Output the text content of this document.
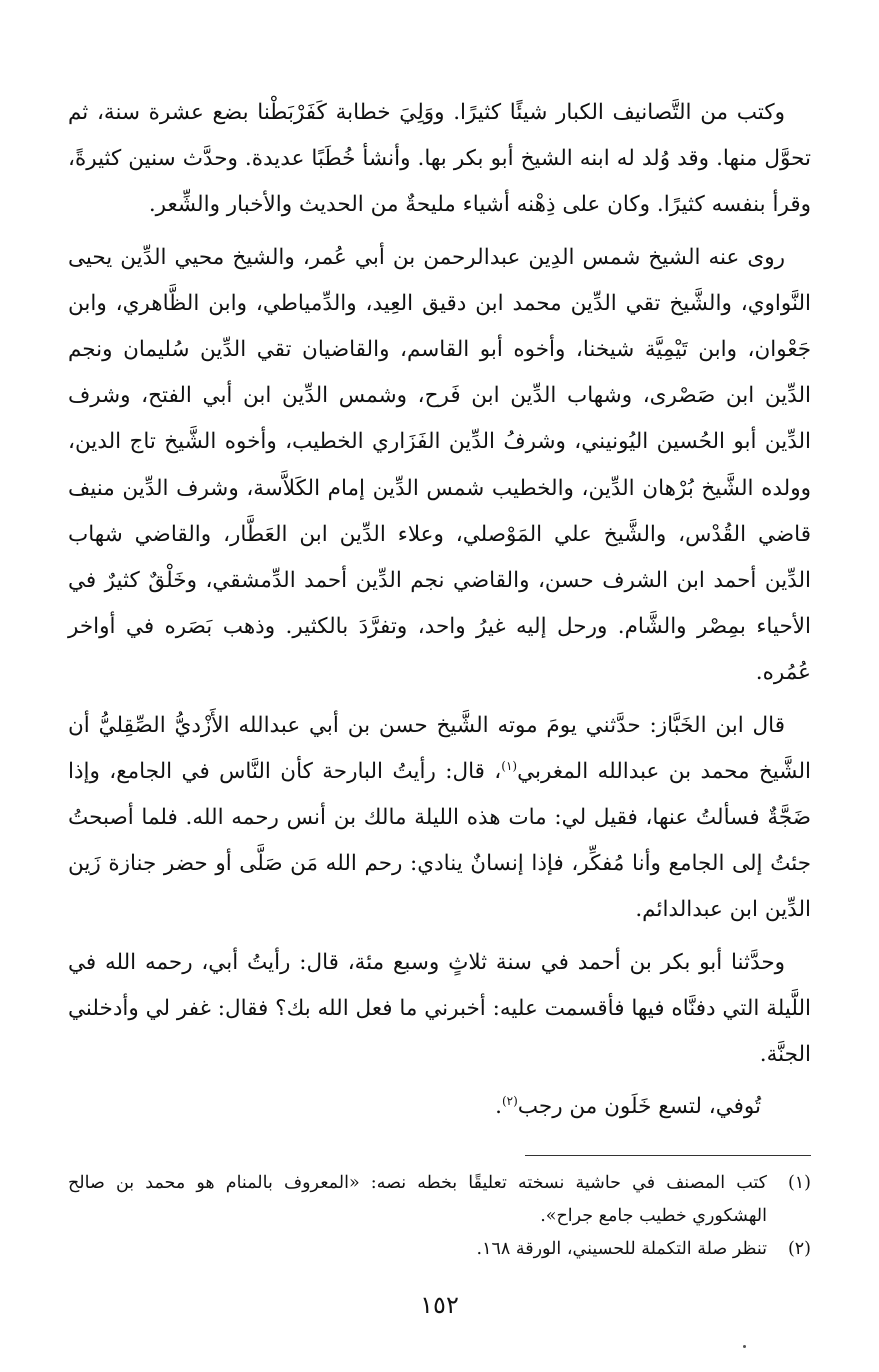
وكتب من التَّصانيف الكبار شيئًا كثيرًا. ووَلِيَ خطابة كَفَرْبَطْنا بضع عشرة سنة، ثم تحوَّل منها. وقد وُلد له ابنه الشيخ أبو بكر بها. وأنشأ خُطَبًا عديدة. وحدَّث سنين كثيرةً، وقرأ بنفسه كثيرًا. وكان على ذِهْنه أشياء مليحةٌ من الحديث والأخبار والشِّعر.

روى عنه الشيخ شمس الدِين عبدالرحمن بن أبي عُمر، والشيخ محيي الدِّين يحيى النَّواوي، والشَّيخ تقي الدِّين محمد ابن دقيق العِيد، والدِّمياطي، وابن الظَّاهري، وابن جَعْوان، وابن تَيْمِيَّة شيخنا، وأخوه أبو القاسم، والقاضيان تقي الدِّين سُليمان ونجم الدِّين ابن صَصْرى، وشهاب الدِّين ابن فَرح، وشمس الدِّين ابن أبي الفتح، وشرف الدِّين أبو الحُسين اليُونيني، وشرفُ الدِّين الفَزَاري الخطيب، وأخوه الشَّيخ تاج الدين، وولده الشَّيخ بُرْهان الدِّين، والخطيب شمس الدِّين إمام الكَلاَّسة، وشرف الدِّين منيف قاضي القُدْس، والشَّيخ علي المَوْصلي، وعلاء الدِّين ابن العَطَّار، والقاضي شهاب الدِّين أحمد ابن الشرف حسن، والقاضي نجم الدِّين أحمد الدِّمشقي، وخَلْقٌ كثيرٌ في الأحياء بمِصْر والشَّام. ورحل إليه غيرُ واحد، وتفرَّدَ بالكثير. وذهب بَصَره في أواخر عُمُره.

قال ابن الخَبَّاز: حدَّثني يومَ موته الشَّيخ حسن بن أبي عبدالله الأَزْديُّ الصِّقِليُّ أن الشَّيخ محمد بن عبدالله المغربي$^{(١)}$، قال: رأيتُ البارحة كأن النَّاس في الجامع، وإذا ضَجَّةٌ فسألتُ عنها، فقيل لي: مات هذه الليلة مالك بن أنس رحمه الله. فلما أصبحتُ جئتُ إلى الجامع وأنا مُفكِّر، فإذا إنسانٌ ينادي: رحم الله مَن صَلَّى أو حضر جنازة زَين الدِّين ابن عبدالدائم.

وحدَّثنا أبو بكر بن أحمد في سنة ثلاثٍ وسبع مئة، قال: رأيتُ أبي، رحمه الله في اللَّيلة التي دفنَّاه فيها فأقسمت عليه: أخبرني ما فعل الله بك؟ فقال: غفر لي وأدخلني الجنَّة.

تُوفي، لتسع خَلَون من رجب$^{(٢)}$.

(١)
كتب المصنف في حاشية نسخته تعليقًا بخطه نصه: «المعروف بالمنام هو محمد بن صالح الهشكوري خطيب جامع جراح».
(٢)
تنظر صلة التكملة للحسيني، الورقة ١٦٨.
١٥٢
